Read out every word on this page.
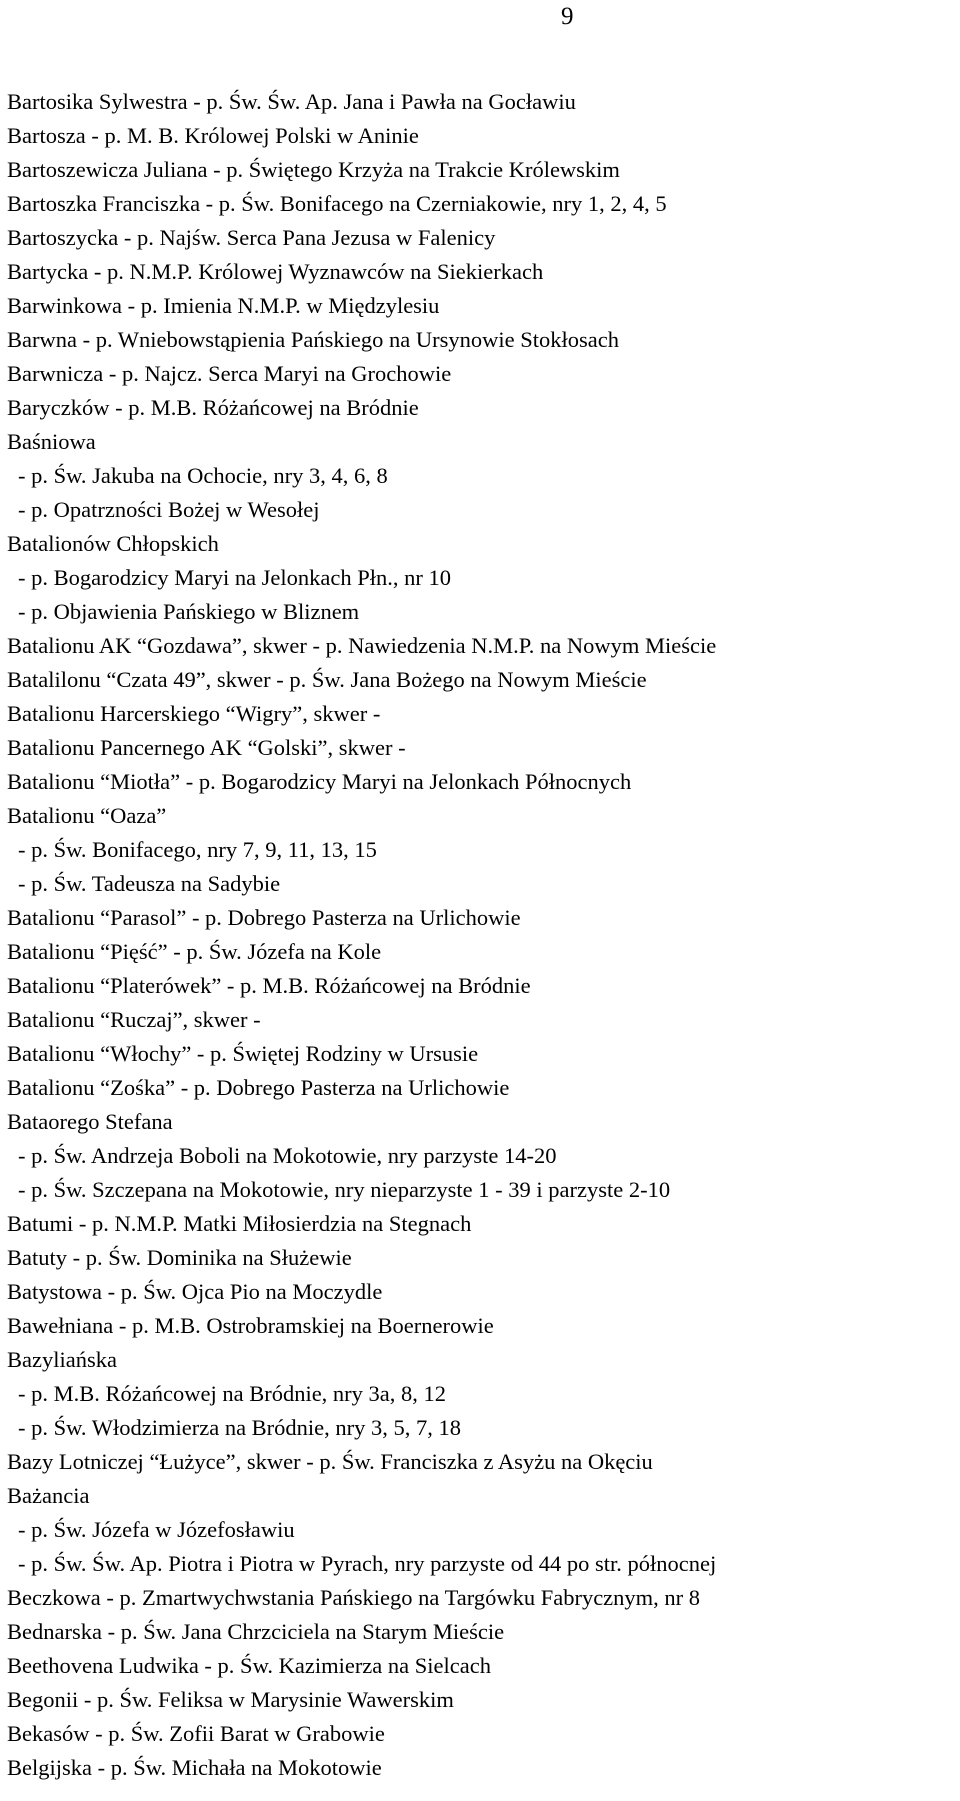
9
Bartosika Sylwestra - p. Św. Św. Ap. Jana i Pawła na Gocławiu
Bartosza - p. M. B. Królowej Polski w Aninie
Bartoszewicza Juliana - p. Świętego Krzyża na Trakcie Królewskim
Bartoszka Franciszka - p. Św. Bonifacego na Czerniakowie, nry 1, 2, 4, 5
Bartoszycka - p. Najśw. Serca Pana Jezusa w Falenicy
Bartycka - p. N.M.P. Królowej Wyznawców na Siekierkach
Barwinkowa - p. Imienia N.M.P. w Międzylesiu
Barwna - p. Wniebowstąpienia Pańskiego na Ursynowie Stokłosach
Barwnicza - p. Najcz. Serca Maryi na Grochowie
Baryczków - p. M.B. Różańcowej na Bródnie
Baśniowa
- p. Św. Jakuba na Ochocie, nry 3, 4, 6, 8
- p. Opatrzności Bożej w Wesołej
Batalionów Chłopskich
- p. Bogarodzicy Maryi na Jelonkach Płn., nr 10
- p. Objawienia Pańskiego w Bliznem
Batalionu AK “Gozdawa”, skwer - p. Nawiedzenia N.M.P. na Nowym Mieście
Batalilonu “Czata 49”, skwer - p. Św. Jana Bożego na Nowym Mieście
Batalionu Harcerskiego “Wigry”, skwer -
Batalionu Pancernego AK “Golski”, skwer -
Batalionu “Miotła” - p. Bogarodzicy Maryi na Jelonkach Północnych
Batalionu “Oaza”
- p. Św. Bonifacego, nry 7, 9, 11, 13, 15
- p. Św. Tadeusza na Sadybie
Batalionu “Parasol” - p. Dobrego Pasterza na Urlichowie
Batalionu “Pięść” - p. Św. Józefa na Kole
Batalionu “Platerówek” - p. M.B. Różańcowej na Bródnie
Batalionu “Ruczaj”, skwer -
Batalionu “Włochy” - p. Świętej Rodziny w Ursusie
Batalionu “Zośka” - p. Dobrego Pasterza na Urlichowie
Bataorego Stefana
- p. Św. Andrzeja Boboli na Mokotowie, nry parzyste 14-20
- p. Św. Szczepana na Mokotowie, nry nieparzyste 1 - 39 i parzyste 2-10
Batumi - p. N.M.P. Matki Miłosierdzia na Stegnach
Batuty - p. Św. Dominika na Służewie
Batystowa - p. Św. Ojca Pio na Moczydle
Bawełniana - p. M.B. Ostrobramskiej na Boernerowie
Bazyliańska
- p. M.B. Różańcowej na Bródnie, nry 3a, 8, 12
- p. Św. Włodzimierza na Bródnie, nry 3, 5, 7, 18
Bazy Lotniczej “Łużyce”, skwer - p. Św. Franciszka z Asyżu na Okęciu
Bażancia
- p. Św. Józefa w Józefosławiu
- p. Św. Św. Ap. Piotra i Piotra w Pyrach, nry parzyste od 44 po str. północnej
Beczkowa - p. Zmartwychwstania Pańskiego na Targówku Fabrycznym, nr 8
Bednarska - p. Św. Jana Chrzciciela na Starym Mieście
Beethovena Ludwika - p. Św. Kazimierza na Sielcach
Begonii - p. Św. Feliksa w Marysinie Wawerskim
Bekasów - p. Św. Zofii Barat w Grabowie
Belgijska - p. Św. Michała na Mokotowie
